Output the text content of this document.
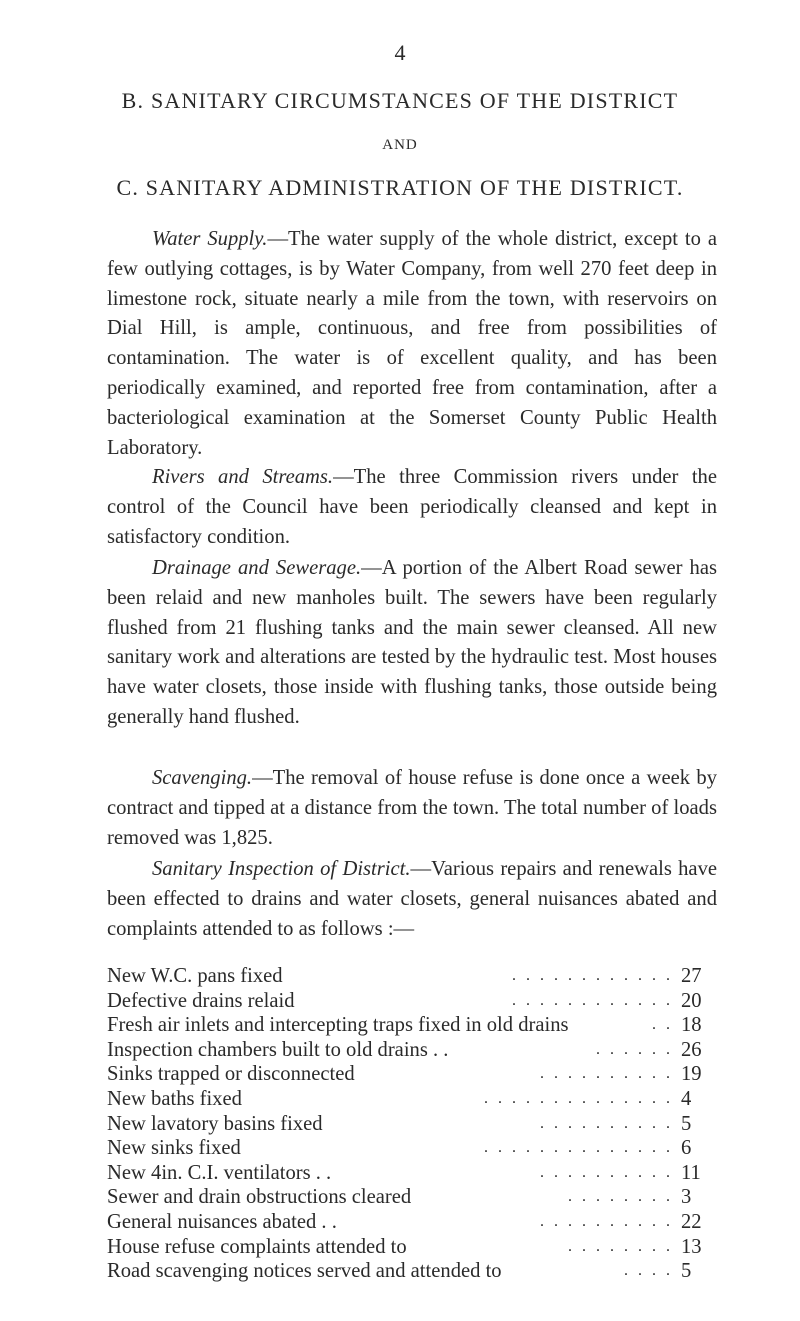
4
B. SANITARY CIRCUMSTANCES OF THE DISTRICT
AND
C. SANITARY ADMINISTRATION OF THE DISTRICT.

Water Supply.—The water supply of the whole district, except to a few outlying cottages, is by Water Company, from well 270 feet deep in limestone rock, situate nearly a mile from the town, with reservoirs on Dial Hill, is ample, continuous, and free from possibilities of contamination. The water is of excellent quality, and has been periodically examined, and reported free from contamination, after a bacteriological examination at the Somerset County Public Health Laboratory.

Rivers and Streams.—The three Commission rivers under the control of the Council have been periodically cleansed and kept in satisfactory condition.

Drainage and Sewerage.—A portion of the Albert Road sewer has been relaid and new manholes built. The sewers have been regularly flushed from 21 flushing tanks and the main sewer cleansed. All new sanitary work and alterations are tested by the hydraulic test. Most houses have water closets, those inside with flushing tanks, those outside being generally hand flushed.

Scavenging.—The removal of house refuse is done once a week by contract and tipped at a distance from the town. The total number of loads removed was 1,825.

Sanitary Inspection of District.—Various repairs and renewals have been effected to drains and water closets, general nuisances abated and complaints attended to as follows :—

New W.C. pans fixed	. . . . . . . . . . . . 27
Defective drains relaid	. . . . . . . . . . . . 20
Fresh air inlets and intercepting traps fixed in old drains	. . 18
Inspection chambers built to old drains . .	. . . . . . 26
Sinks trapped or disconnected	. . . . . . . . . . 19
New baths fixed	. . . . . . . . . . . . . . 4
New lavatory basins fixed	. . . . . . . . . . 5
New sinks fixed	. . . . . . . . . . . . . . 6
New 4in. C.I. ventilators . .	. . . . . . . . . . 11
Sewer and drain obstructions cleared	. . . . . . . . 3
General nuisances abated . .	. . . . . . . . . . 22
House refuse complaints attended to	. . . . . . . . 13
Road scavenging notices served and attended to	. . . . 5
